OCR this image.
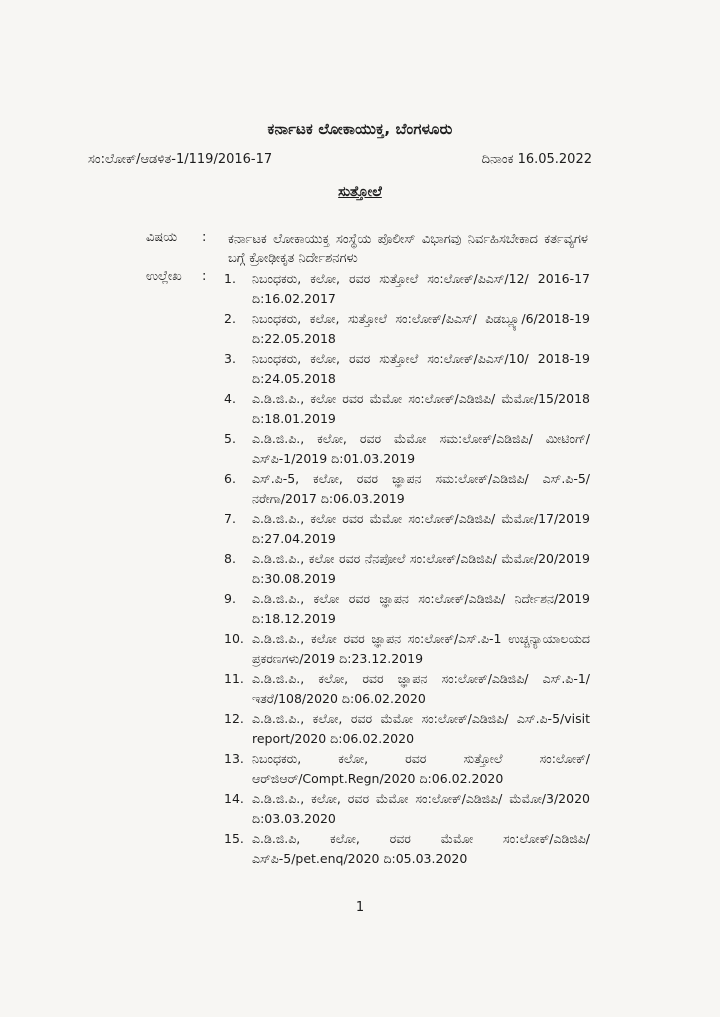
ಕರ್ನಾಟಕ ಲೋಕಾಯುಕ್ತ, ಬೆಂಗಳೂರು
ಸಂ:ಲೋಕ್/ಆಡಳಿತ-1/119/2016-17	ದಿನಾಂಕ 16.05.2022
ಸುತ್ತೋಲೆ
ವಿಷಯ : ಕರ್ನಾಟಕ ಲೋಕಾಯುಕ್ತ ಸಂಸ್ಥೆಯ ಪೊಲೀಸ್ ವಿಭಾಗವು ನಿರ್ವಹಿಸಬೇಕಾದ ಕರ್ತವ್ಯಗಳ ಬಗ್ಗೆ ಕ್ರೋಢೀಕೃತ ನಿರ್ದೇಶನಗಳು
ಉಲ್ಲೇಖ : 1.	ನಿಬಂಧಕರು, ಕಲೋ, ರವರ ಸುತ್ತೋಲೆ ಸಂ:ಲೋಕ್/ಪಿಎಸ್/12/ 2016-17 ದಿ:16.02.2017
2.	ನಿಬಂಧಕರು, ಕಲೋ, ಸುತ್ತೋಲೆ ಸಂ:ಲೋಕ್/ಪಿಎಸ್/ ಪಿಡಬ್ಲ್ಯೂ/6/2018-19 ದಿ:22.05.2018
3.	ನಿಬಂಧಕರು, ಕಲೋ, ರವರ ಸುತ್ತೋಲೆ ಸಂ:ಲೋಕ್/ಪಿಎಸ್/10/ 2018-19 ದಿ:24.05.2018
4.	ಎ.ಡಿ.ಜಿ.ಪಿ., ಕಲೋ ರವರ ಮೆಮೋ ಸಂ:ಲೋಕ್/ಎಡಿಜಿಪಿ/ ಮೆಮೋ/15/2018 ದಿ:18.01.2019
5.	ಎ.ಡಿ.ಜಿ.ಪಿ., ಕಲೋ, ರವರ ಮೆಮೋ ಸಮ:ಲೋಕ್/ಎಡಿಜಿಪಿ/ ಮೀಟಿಂಗ್/ಎಸ್‌ಪಿ-1/2019 ದಿ:01.03.2019
6.	ಎಸ್.ಪಿ-5, ಕಲೋ, ರವರ ಜ್ಞಾಪನ ಸಮ:ಲೋಕ್/ಎಡಿಜಿಪಿ/ ಎಸ್.ಪಿ-5/ನರೇಗಾ/2017 ದಿ:06.03.2019
7.	ಎ.ಡಿ.ಜಿ.ಪಿ., ಕಲೋ ರವರ ಮೆಮೋ ಸಂ:ಲೋಕ್/ಎಡಿಜಿಪಿ/ ಮೆಮೋ/17/2019 ದಿ:27.04.2019
8.	ಎ.ಡಿ.ಜಿ.ಪಿ., ಕಲೋ ರವರ ನೆನಪೋಲೆ ಸಂ:ಲೋಕ್/ಎಡಿಜಿಪಿ/ ಮೆಮೋ/20/2019 ದಿ:30.08.2019
9.	ಎ.ಡಿ.ಜಿ.ಪಿ., ಕಲೋ ರವರ ಜ್ಞಾಪನ ಸಂ:ಲೋಕ್/ಎಡಿಜಿಪಿ/ ನಿರ್ದೇಶನ/2019 ದಿ:18.12.2019
10. ಎ.ಡಿ.ಜಿ.ಪಿ., ಕಲೋ ರವರ ಜ್ಞಾಪನ ಸಂ:ಲೋಕ್/ಎಸ್.ಪಿ-1 ಉಚ್ಚನ್ಯಾಯಾಲಯದ ಪ್ರಕರಣಗಳು/2019 ದಿ:23.12.2019
11. ಎ.ಡಿ.ಜಿ.ಪಿ., ಕಲೋ, ರವರ ಜ್ಞಾಪನ ಸಂ:ಲೋಕ್/ಎಡಿಜಿಪಿ/ ಎಸ್.ಪಿ-1/ಇತರೆ/108/2020 ದಿ:06.02.2020
12. ಎ.ಡಿ.ಜಿ.ಪಿ., ಕಲೋ, ರವರ ಮೆಮೋ ಸಂ:ಲೋಕ್/ಎಡಿಜಿಪಿ/ ಎಸ್.ಪಿ-5/visit report/2020 ದಿ:06.02.2020
13. ನಿಬಂಧಕರು, ಕಲೋ, ರವರ ಸುತ್ತೋಲೆ ಸಂ:ಲೋಕ್/ ಆರ್‌ಜಿಆರ್/Compt.Regn/2020 ದಿ:06.02.2020
14. ಎ.ಡಿ.ಜಿ.ಪಿ., ಕಲೋ, ರವರ ಮೆಮೋ ಸಂ:ಲೋಕ್/ಎಡಿಜಿಪಿ/ ಮೆಮೋ/3/2020 ದಿ:03.03.2020
15. ಎ.ಡಿ.ಜಿ.ಪಿ, ಕಲೋ, ರವರ ಮೆಮೋ ಸಂ:ಲೋಕ್/ಎಡಿಜಿಪಿ/ ಎಸ್‌ಪಿ-5/pet.enq/2020 ದಿ:05.03.2020
1
